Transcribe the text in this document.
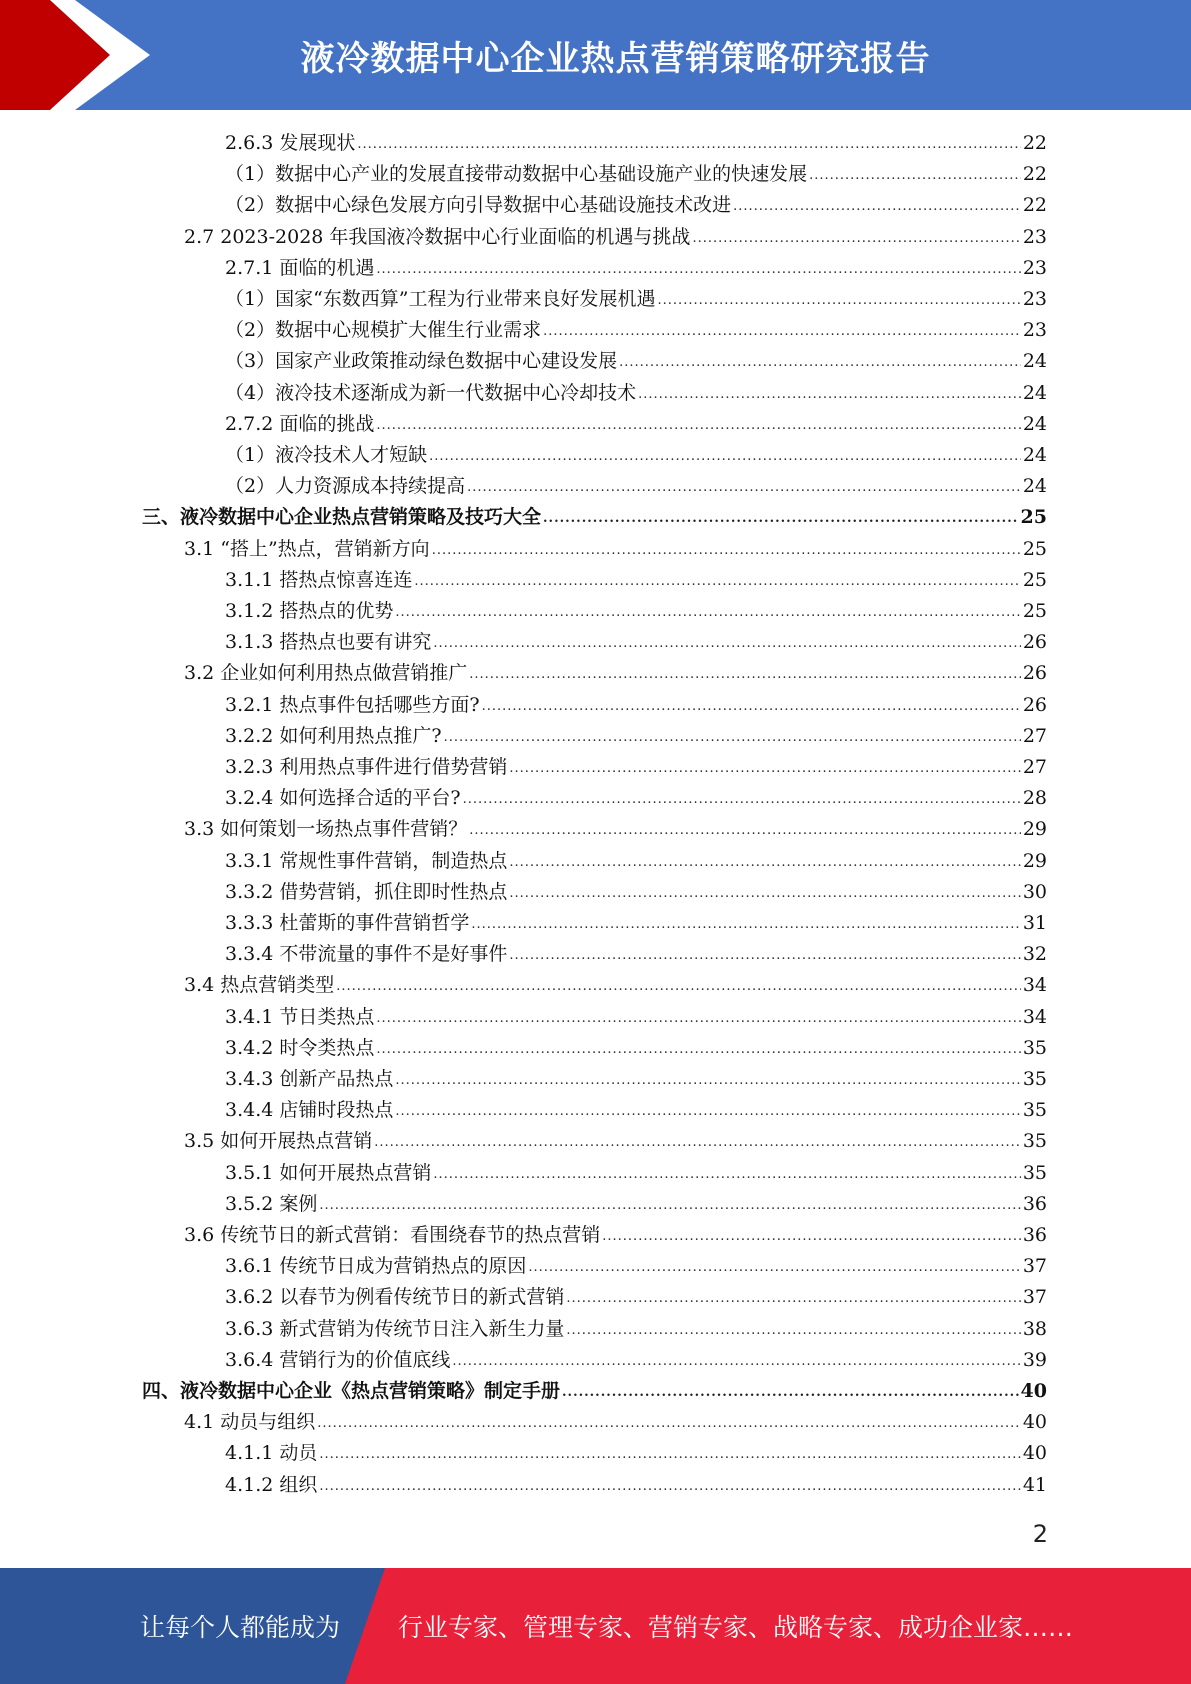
液冷数据中心企业热点营销策略研究报告
2.6.3 发展现状 .....	22
（1）数据中心产业的发展直接带动数据中心基础设施产业的快速发展 .....	22
（2）数据中心绿色发展方向引导数据中心基础设施技术改进 .....	22
2.7 2023-2028 年我国液冷数据中心行业面临的机遇与挑战 .....	23
2.7.1 面临的机遇 .....	23
（1）国家“东数西算”工程为行业带来良好发展机遇 .....	23
（2）数据中心规模扩大催生行业需求 .....	23
（3）国家产业政策推动绿色数据中心建设发展 .....	24
（4）液冷技术逐渐成为新一代数据中心冷却技术 .....	24
2.7.2 面临的挑战 .....	24
（1）液冷技术人才短缺 .....	24
（2）人力资源成本持续提高 .....	24
三、液冷数据中心企业热点营销策略及技巧大全 .....	25
3.1 “搭上”热点，营销新方向 .....	25
3.1.1 搭热点惊喜连连 .....	25
3.1.2 搭热点的优势 .....	25
3.1.3 搭热点也要有讲究 .....	26
3.2 企业如何利用热点做营销推广 .....	26
3.2.1 热点事件包括哪些方面? .....	26
3.2.2 如何利用热点推广? .....	27
3.2.3 利用热点事件进行借势营销 .....	27
3.2.4 如何选择合适的平台? .....	28
3.3 如何策划一场热点事件营销？ .....	29
3.3.1 常规性事件营销，制造热点 .....	29
3.3.2 借势营销，抓住即时性热点 .....	30
3.3.3 杜蕾斯的事件营销哲学 .....	31
3.3.4 不带流量的事件不是好事件 .....	32
3.4 热点营销类型 .....	34
3.4.1 节日类热点 .....	34
3.4.2 时令类热点 .....	35
3.4.3 创新产品热点 .....	35
3.4.4 店铺时段热点 .....	35
3.5 如何开展热点营销 .....	35
3.5.1 如何开展热点营销 .....	35
3.5.2 案例 .....	36
3.6 传统节日的新式营销：看围绕春节的热点营销 .....	36
3.6.1 传统节日成为营销热点的原因 .....	37
3.6.2 以春节为例看传统节日的新式营销 .....	37
3.6.3 新式营销为传统节日注入新生力量 .....	38
3.6.4 营销行为的价值底线 .....	39
四、液冷数据中心企业《热点营销策略》制定手册 .....	40
4.1 动员与组织 .....	40
4.1.1 动员 .....	40
4.1.2 组织 .....	41
2
让每个人都能成为 行业专家、管理专家、营销专家、战略专家、成功企业家……
